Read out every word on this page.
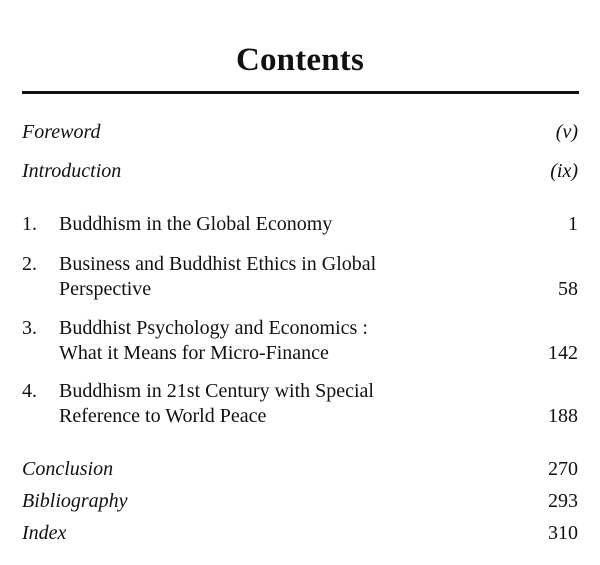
Contents
Foreword	(v)
Introduction	(ix)
1.	Buddhism in the Global Economy	1
2.	Business and Buddhist Ethics in Global
Perspective	58
3.	Buddhist Psychology and Economics :
What it Means for Micro-Finance	142
4.	Buddhism in 21st Century with Special
Reference to World Peace	188
Conclusion	270
Bibliography	293
Index	310
